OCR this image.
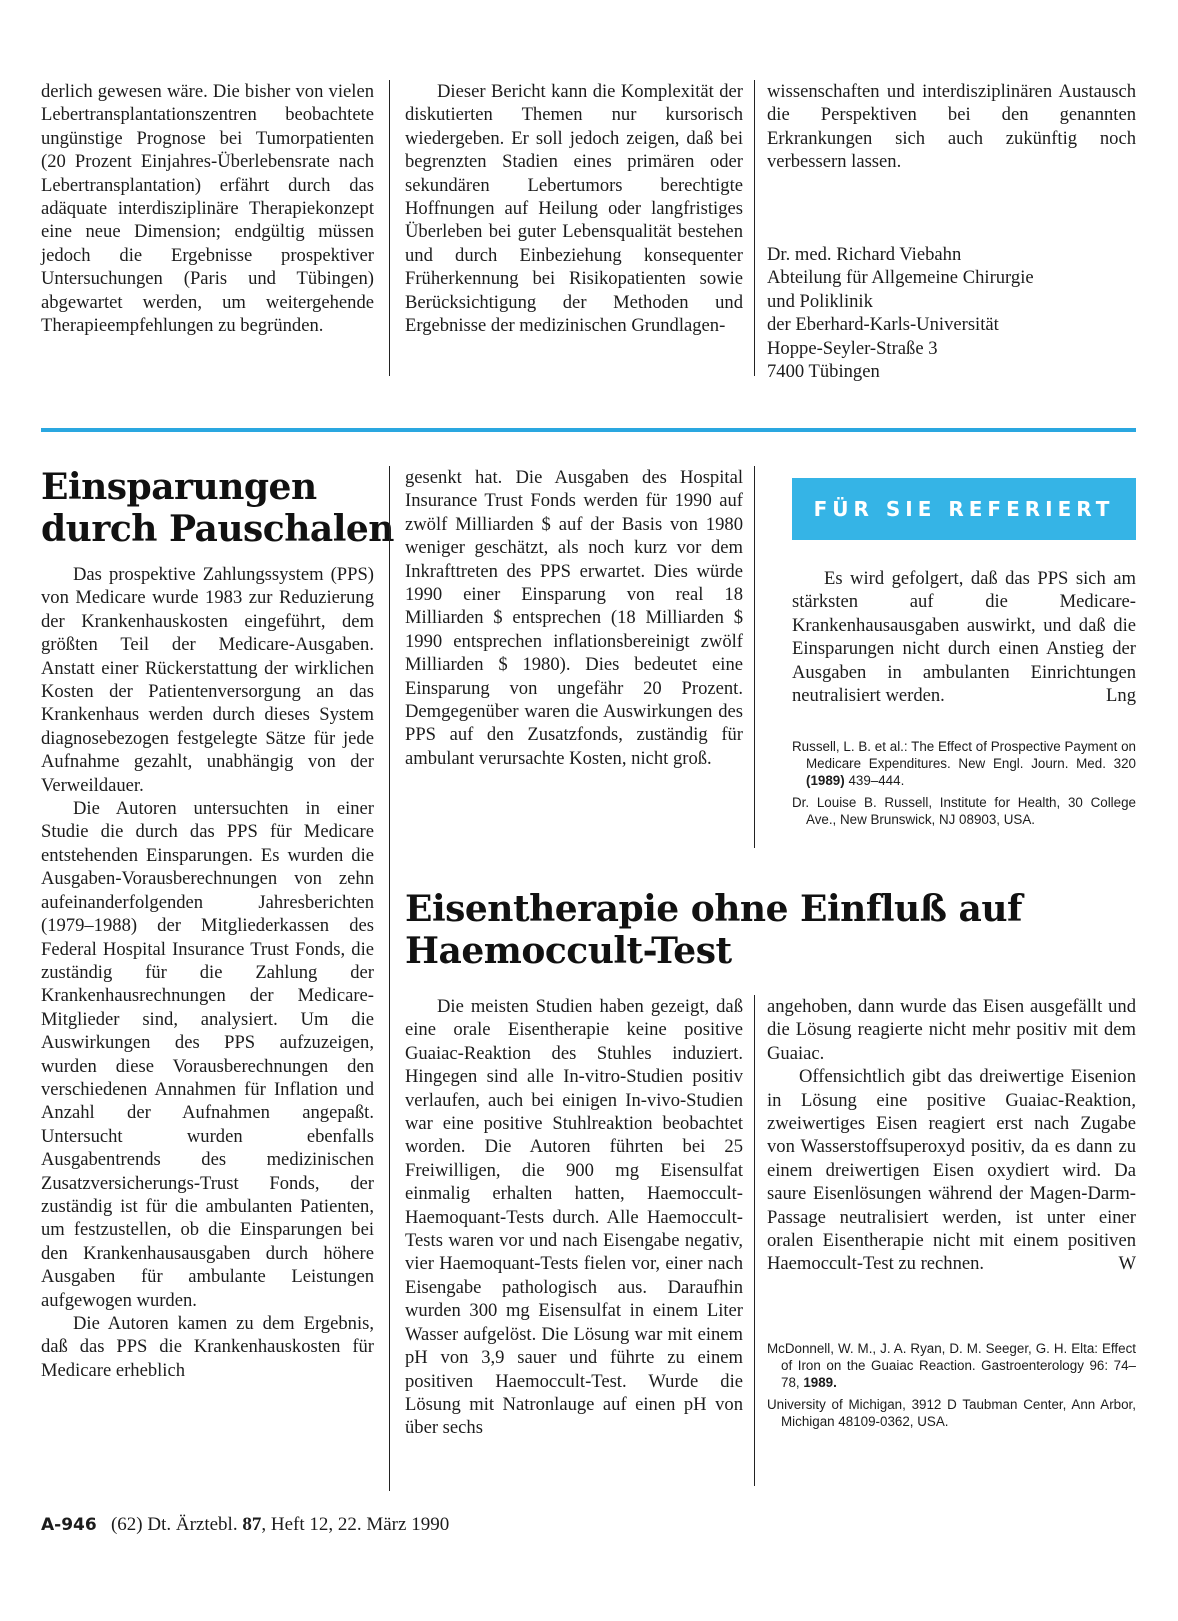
derlich gewesen wäre. Die bisher von vielen Lebertransplantationszentren beobachtete ungünstige Prognose bei Tumorpatienten (20 Prozent Einjahres-Überlebensrate nach Lebertransplantation) erfährt durch das adäquate interdisziplinäre Therapiekonzept eine neue Dimension; endgültig müssen jedoch die Ergebnisse prospektiver Untersuchungen (Paris und Tübingen) abgewartet werden, um weitergehende Therapieempfehlungen zu begründen.

Dieser Bericht kann die Komplexität der diskutierten Themen nur kursorisch wiedergeben. Er soll jedoch zeigen, daß bei begrenzten Stadien eines primären oder sekundären Lebertumors berechtigte Hoffnungen auf Heilung oder langfristiges Überleben bei guter Lebensqualität bestehen und durch Einbeziehung konsequenter Früherkennung bei Risikopatienten sowie Berücksichtigung der Methoden und Ergebnisse der medizinischen Grundlagen-

wissenschaften und interdisziplinären Austausch die Perspektiven bei den genannten Erkrankungen sich auch zukünftig noch verbessern lassen.

Dr. med. Richard Viebahn
Abteilung für Allgemeine Chirurgie
und Poliklinik
der Eberhard-Karls-Universität
Hoppe-Seyler-Straße 3
7400 Tübingen
Einsparungen
durch Pauschalen

Das prospektive Zahlungssystem (PPS) von Medicare wurde 1983 zur Reduzierung der Krankenhauskosten eingeführt, dem größten Teil der Medicare-Ausgaben. Anstatt einer Rückerstattung der wirklichen Kosten der Patientenversorgung an das Krankenhaus werden durch dieses System diagnosebezogen festgelegte Sätze für jede Aufnahme gezahlt, unabhängig von der Verweildauer.

Die Autoren untersuchten in einer Studie die durch das PPS für Medicare entstehenden Einsparungen. Es wurden die Ausgaben-Vorausberechnungen von zehn aufeinanderfolgenden Jahresberichten (1979–1988) der Mitgliederkassen des Federal Hospital Insurance Trust Fonds, die zuständig für die Zahlung der Krankenhausrechnungen der Medicare-Mitglieder sind, analysiert. Um die Auswirkungen des PPS aufzuzeigen, wurden diese Vorausberechnungen den verschiedenen Annahmen für Inflation und Anzahl der Aufnahmen angepaßt. Untersucht wurden ebenfalls Ausgabentrends des medizinischen Zusatzversicherungs-Trust Fonds, der zuständig ist für die ambulanten Patienten, um festzustellen, ob die Einsparungen bei den Krankenhausausgaben durch höhere Ausgaben für ambulante Leistungen aufgewogen wurden.

Die Autoren kamen zu dem Ergebnis, daß das PPS die Krankenhauskosten für Medicare erheblich

gesenkt hat. Die Ausgaben des Hospital Insurance Trust Fonds werden für 1990 auf zwölf Milliarden $ auf der Basis von 1980 weniger geschätzt, als noch kurz vor dem Inkrafttreten des PPS erwartet. Dies würde 1990 einer Einsparung von real 18 Milliarden $ entsprechen (18 Milliarden $ 1990 entsprechen inflationsbereinigt zwölf Milliarden $ 1980). Dies bedeutet eine Einsparung von ungefähr 20 Prozent. Demgegenüber waren die Auswirkungen des PPS auf den Zusatzfonds, zuständig für ambulant verursachte Kosten, nicht groß.

FÜR SIE REFERIERT

Es wird gefolgert, daß das PPS sich am stärksten auf die Medicare-Krankenhausausgaben auswirkt, und daß die Einsparungen nicht durch einen Anstieg der Ausgaben in ambulanten Einrichtungen neutralisiert werden.	Lng

Russell, L. B. et al.: The Effect of Prospective Payment on Medicare Expenditures. New Engl. Journ. Med. 320 (1989) 439–444.

Dr. Louise B. Russell, Institute for Health, 30 College Ave., New Brunswick, NJ 08903, USA.

Eisentherapie ohne Einfluß auf
Haemoccult-Test

Die meisten Studien haben gezeigt, daß eine orale Eisentherapie keine positive Guaiac-Reaktion des Stuhles induziert. Hingegen sind alle In-vitro-Studien positiv verlaufen, auch bei einigen In-vivo-Studien war eine positive Stuhlreaktion beobachtet worden. Die Autoren führten bei 25 Freiwilligen, die 900 mg Eisensulfat einmalig erhalten hatten, Haemoccult-Haemoquant-Tests durch. Alle Haemoccult-Tests waren vor und nach Eisengabe negativ, vier Haemoquant-Tests fielen vor, einer nach Eisengabe pathologisch aus. Daraufhin wurden 300 mg Eisensulfat in einem Liter Wasser aufgelöst. Die Lösung war mit einem pH von 3,9 sauer und führte zu einem positiven Haemoccult-Test. Wurde die Lösung mit Natronlauge auf einen pH von über sechs

angehoben, dann wurde das Eisen ausgefällt und die Lösung reagierte nicht mehr positiv mit dem Guaiac.

Offensichtlich gibt das dreiwertige Eisenion in Lösung eine positive Guaiac-Reaktion, zweiwertiges Eisen reagiert erst nach Zugabe von Wasserstoffsuperoxyd positiv, da es dann zu einem dreiwertigen Eisen oxydiert wird. Da saure Eisenlösungen während der Magen-Darm-Passage neutralisiert werden, ist unter einer oralen Eisentherapie nicht mit einem positiven Haemoccult-Test zu rechnen.	W

McDonnell, W. M., J. A. Ryan, D. M. Seeger, G. H. Elta: Effect of Iron on the Guaiac Reaction. Gastroenterology 96: 74–78, 1989.

University of Michigan, 3912 D Taubman Center, Ann Arbor, Michigan 48109-0362, USA.

A-946 (62) Dt. Ärztebl. 87, Heft 12, 22. März 1990
